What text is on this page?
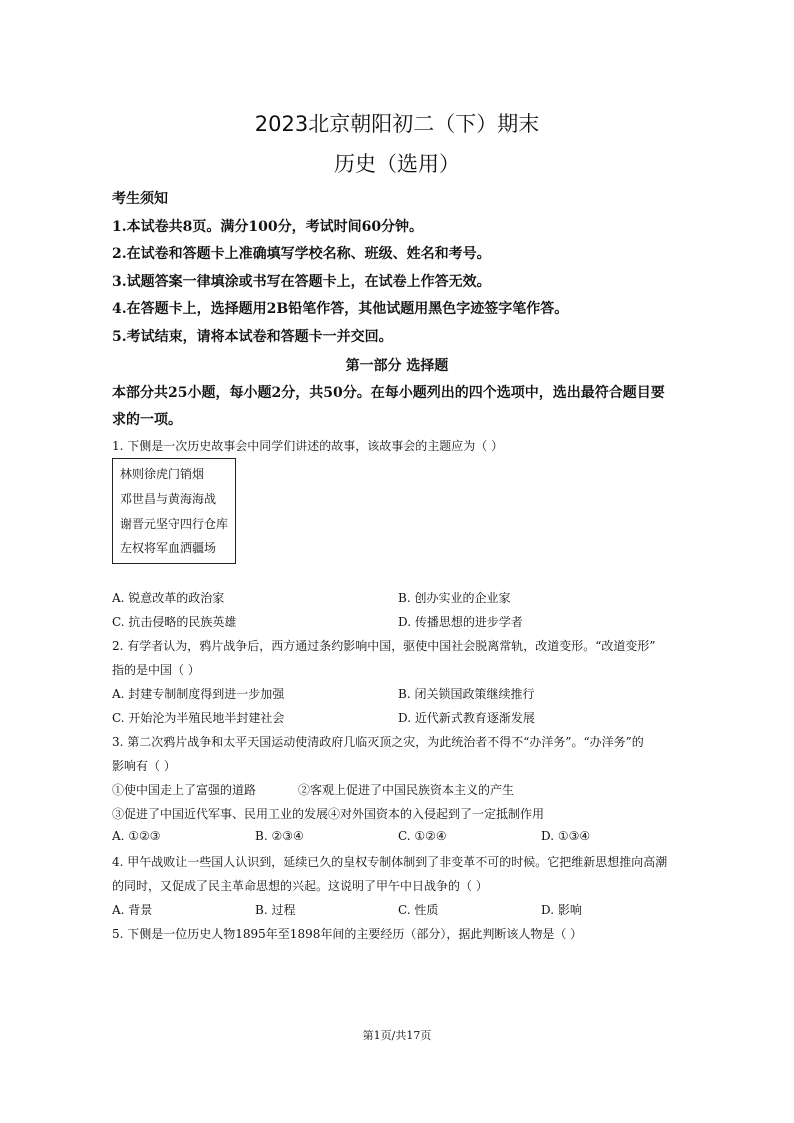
2023北京朝阳初二（下）期末
历史（选用）
考生须知
1.本试卷共8页。满分100分，考试时间60分钟。
2.在试卷和答题卡上准确填写学校名称、班级、姓名和考号。
3.试题答案一律填涂或书写在答题卡上，在试卷上作答无效。
4.在答题卡上，选择题用2B铅笔作答，其他试题用黑色字迹签字笔作答。
5.考试结束，请将本试卷和答题卡一并交回。
第一部分 选择题
本部分共25小题，每小题2分，共50分。在每小题列出的四个选项中，选出最符合题目要
求的一项。
1. 下侧是一次历史故事会中同学们讲述的故事，该故事会的主题应为（ ）
林则徐虎门销烟
邓世昌与黄海海战
谢晋元坚守四行仓库
左权将军血洒疆场
A. 锐意改革的政治家	B. 创办实业的企业家
C. 抗击侵略的民族英雄	D. 传播思想的进步学者
2. 有学者认为，鸦片战争后，西方通过条约影响中国，驱使中国社会脱离常轨，改道变形。“改道变形”
指的是中国（ ）
A. 封建专制制度得到进一步加强	B. 闭关锁国政策继续推行
C. 开始沦为半殖民地半封建社会	D. 近代新式教育逐渐发展
3. 第二次鸦片战争和太平天国运动使清政府几临灭顶之灾，为此统治者不得不“办洋务”。“办洋务”的
影响有（ ）
①使中国走上了富强的道路	②客观上促进了中国民族资本主义的产生
③促进了中国近代军事、民用工业的发展④对外国资本的入侵起到了一定抵制作用
A. ①②③	B. ②③④	C. ①②④	D. ①③④
4. 甲午战败让一些国人认识到，延续已久的皇权专制体制到了非变革不可的时候。它把维新思想推向高潮
的同时，又促成了民主革命思想的兴起。这说明了甲午中日战争的（ ）
A. 背景	B. 过程	C. 性质	D. 影响
5. 下侧是一位历史人物1895年至1898年间的主要经历（部分），据此判断该人物是（ ）
第1页/共17页
